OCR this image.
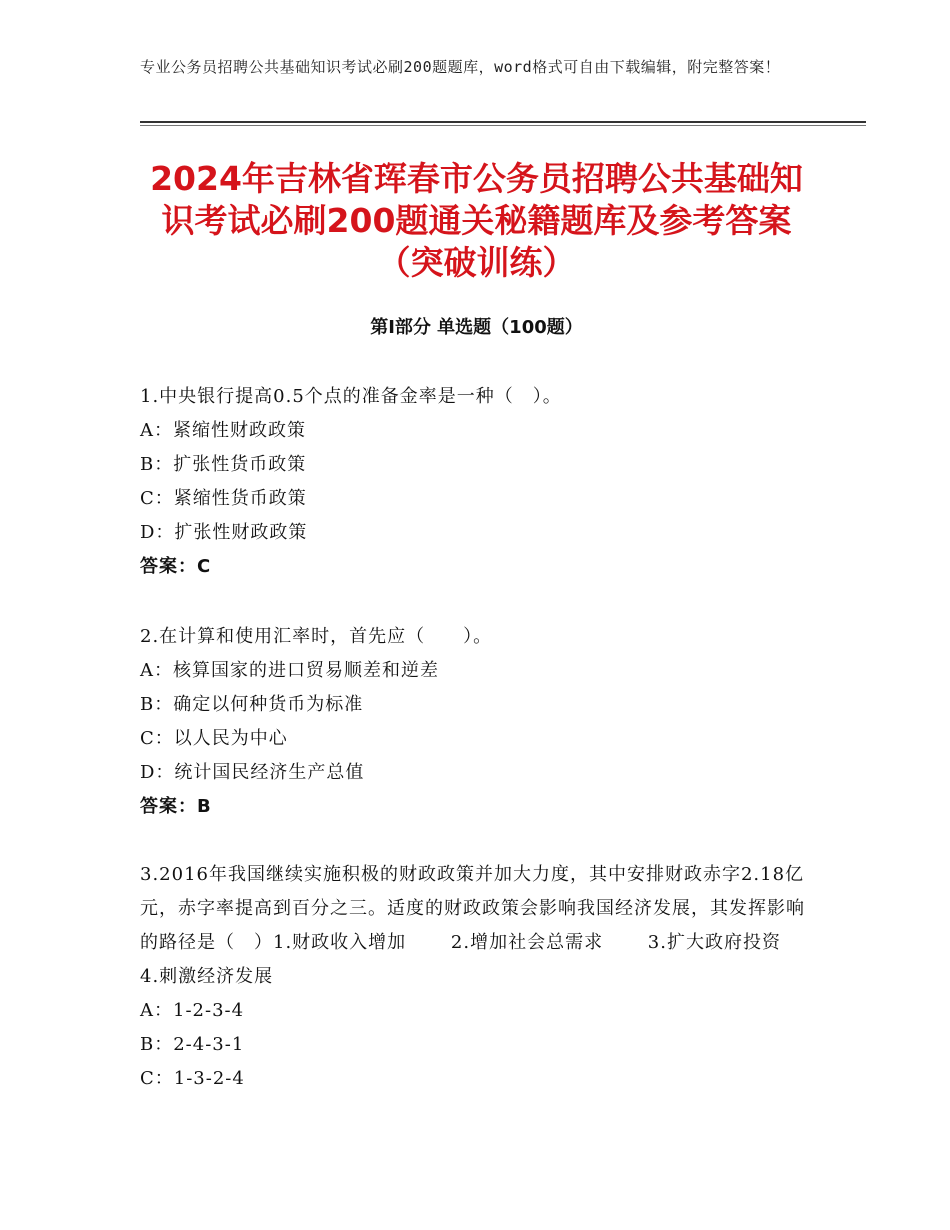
专业公务员招聘公共基础知识考试必刷200题题库，word格式可自由下载编辑，附完整答案！
2024年吉林省珲春市公务员招聘公共基础知识考试必刷200题通关秘籍题库及参考答案（突破训练）
第Ⅰ部分 单选题（100题）
1.中央银行提高0.5个点的准备金率是一种（　）。
A：紧缩性财政政策
B：扩张性货币政策
C：紧缩性货币政策
D：扩张性财政政策
答案：C
2.在计算和使用汇率时，首先应（　　）。
A：核算国家的进口贸易顺差和逆差
B：确定以何种货币为标准
C：以人民为中心
D：统计国民经济生产总值
答案：B
3.2016年我国继续实施积极的财政政策并加大力度，其中安排财政赤字2.18亿元，赤字率提高到百分之三。适度的财政政策会影响我国经济发展，其发挥影响的路径是（　）1.财政收入增加　　 2.增加社会总需求　　 3.扩大政府投资　　 4.刺激经济发展
A：1-2-3-4
B：2-4-3-1
C：1-3-2-4
